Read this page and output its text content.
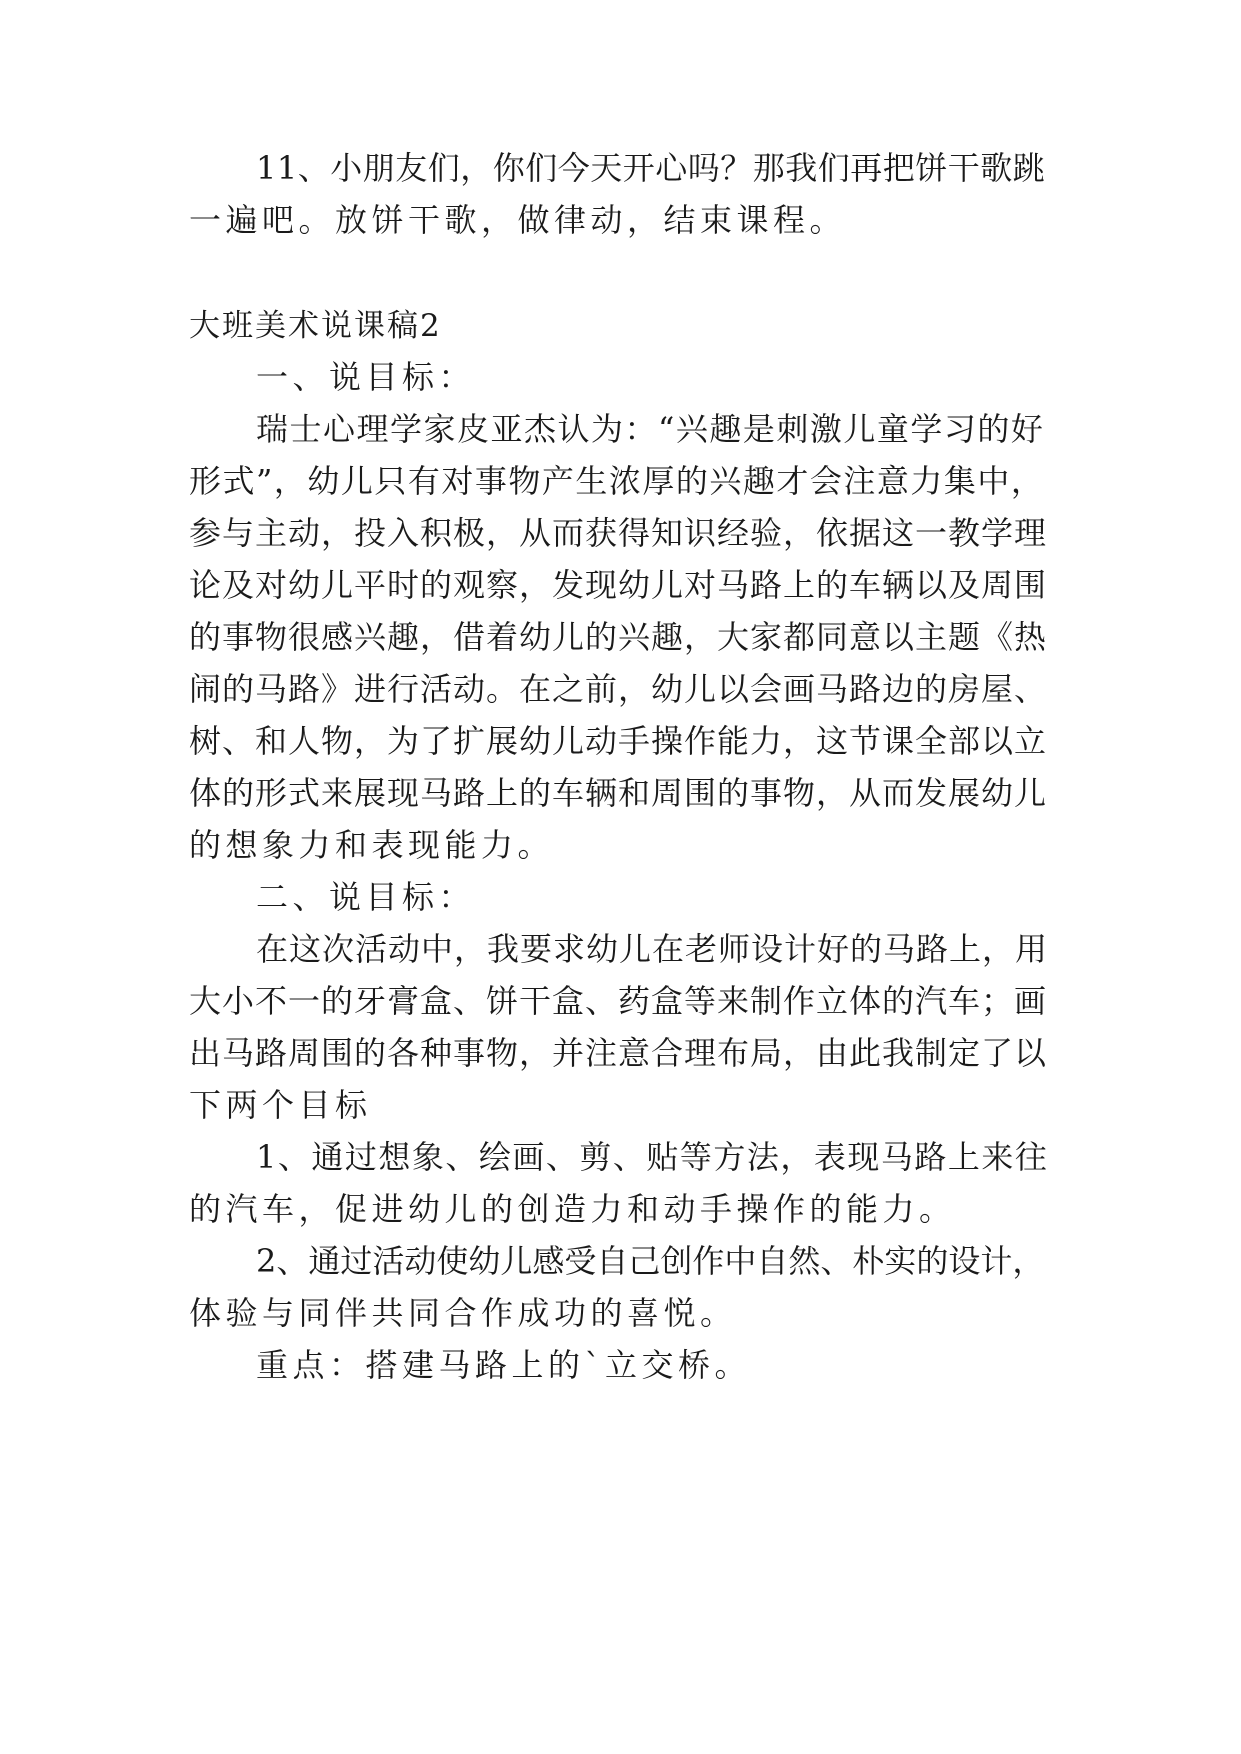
11、小朋友们，你们今天开心吗？那我们再把饼干歌跳
一遍吧。放饼干歌，做律动，结束课程。
大班美术说课稿2
一、说目标：
瑞士心理学家皮亚杰认为：“兴趣是刺激儿童学习的好
形式”，幼儿只有对事物产生浓厚的兴趣才会注意力集中，
参与主动，投入积极，从而获得知识经验，依据这一教学理
论及对幼儿平时的观察，发现幼儿对马路上的车辆以及周围
的事物很感兴趣，借着幼儿的兴趣，大家都同意以主题《热
闹的马路》进行活动。在之前，幼儿以会画马路边的房屋、
树、和人物，为了扩展幼儿动手操作能力，这节课全部以立
体的形式来展现马路上的车辆和周围的事物，从而发展幼儿
的想象力和表现能力。
二、说目标：
在这次活动中，我要求幼儿在老师设计好的马路上，用
大小不一的牙膏盒、饼干盒、药盒等来制作立体的汽车；画
出马路周围的各种事物，并注意合理布局，由此我制定了以
下两个目标
1、通过想象、绘画、剪、贴等方法，表现马路上来往
的汽车，促进幼儿的创造力和动手操作的能力。
2、通过活动使幼儿感受自己创作中自然、朴实的设计，
体验与同伴共同合作成功的喜悦。
重点：搭建马路上的`立交桥。
